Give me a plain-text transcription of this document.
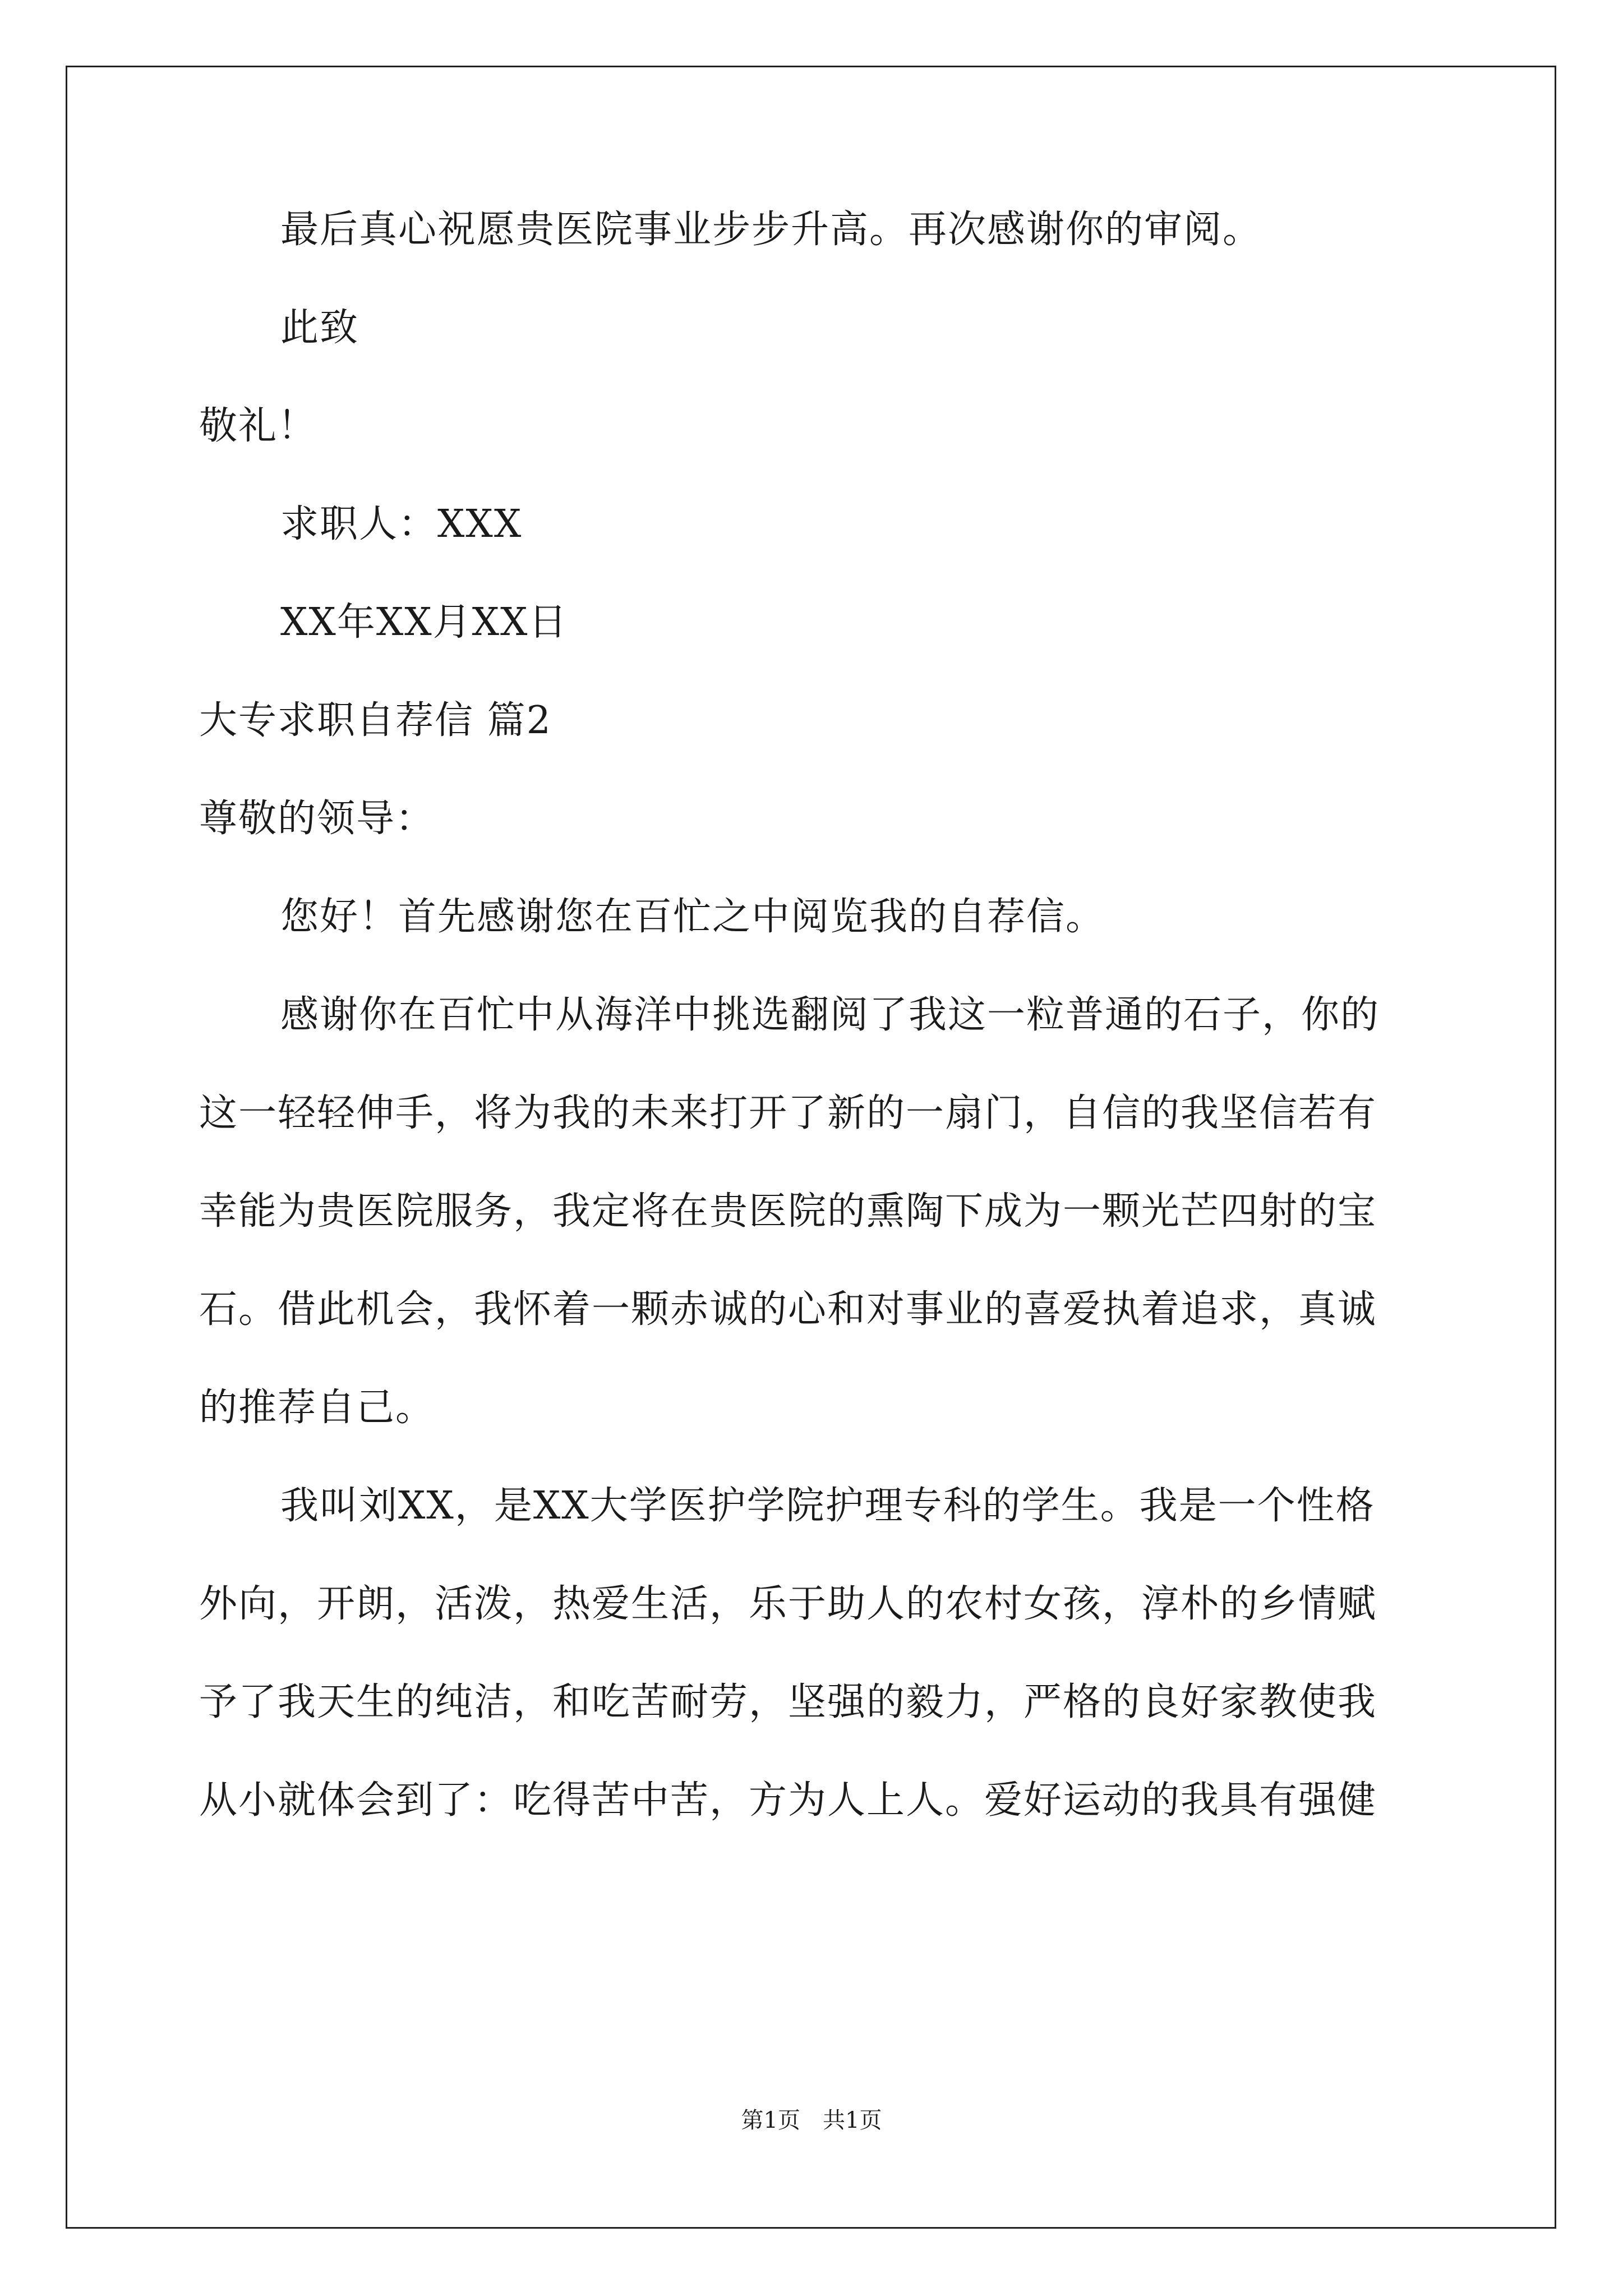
最后真心祝愿贵医院事业步步升高。再次感谢你的审阅。
此致
敬礼！
求职人：XXX
XX年XX月XX日
大专求职自荐信 篇2
尊敬的领导：
您好！首先感谢您在百忙之中阅览我的自荐信。
感谢你在百忙中从海洋中挑选翻阅了我这一粒普通的石子，你的
这一轻轻伸手，将为我的未来打开了新的一扇门，自信的我坚信若有
幸能为贵医院服务，我定将在贵医院的熏陶下成为一颗光芒四射的宝
石。借此机会，我怀着一颗赤诚的心和对事业的喜爱执着追求，真诚
的推荐自己。
我叫刘XX，是XX大学医护学院护理专科的学生。我是一个性格
外向，开朗，活泼，热爱生活，乐于助人的农村女孩，淳朴的乡情赋
予了我天生的纯洁，和吃苦耐劳，坚强的毅力，严格的良好家教使我
从小就体会到了：吃得苦中苦，方为人上人。爱好运动的我具有强健
第1页　共1页
